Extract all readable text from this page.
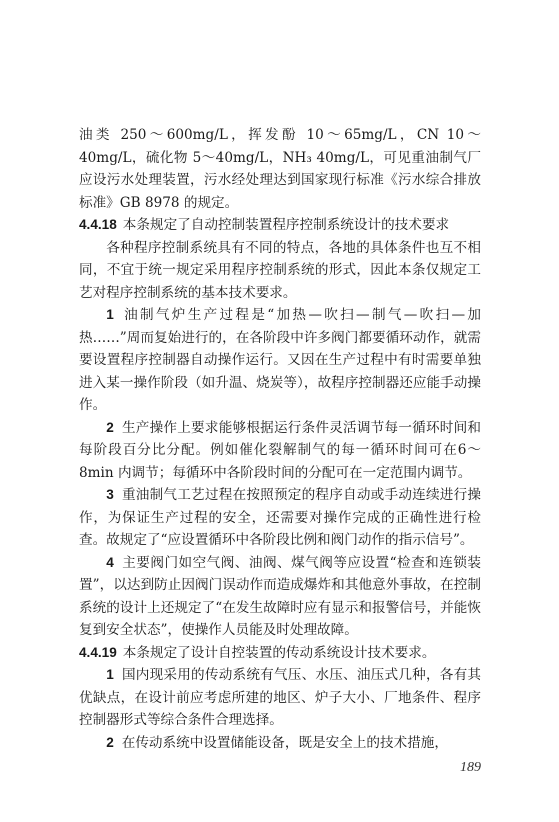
油类 250～600mg/L，挥发酚 10～65mg/L，CN 10～40mg/L，硫化物 5～40mg/L，NH₃ 40mg/L，可见重油制气厂应设污水处理装置，污水经处理达到国家现行标准《污水综合排放标准》GB 8978 的规定。

4.4.18 本条规定了自动控制装置程序控制系统设计的技术要求

各种程序控制系统具有不同的特点，各地的具体条件也互不相同，不宜于统一规定采用程序控制系统的形式，因此本条仅规定工艺对程序控制系统的基本技术要求。

1 油制气炉生产过程是“加热—吹扫—制气—吹扫—加热……”周而复始进行的，在各阶段中许多阀门都要循环动作，就需要设置程序控制器自动操作运行。又因在生产过程中有时需要单独进入某一操作阶段（如升温、烧炭等），故程序控制器还应能手动操作。

2 生产操作上要求能够根据运行条件灵活调节每一循环时间和每阶段百分比分配。例如催化裂解制气的每一循环时间可在6～8min 内调节；每循环中各阶段时间的分配可在一定范围内调节。

3 重油制气工艺过程在按照预定的程序自动或手动连续进行操作，为保证生产过程的安全，还需要对操作完成的正确性进行检查。故规定了“应设置循环中各阶段比例和阀门动作的指示信号”。

4 主要阀门如空气阀、油阀、煤气阀等应设置“检查和连锁装置”，以达到防止因阀门误动作而造成爆炸和其他意外事故，在控制系统的设计上还规定了“在发生故障时应有显示和报警信号，并能恢复到安全状态”，使操作人员能及时处理故障。

4.4.19 本条规定了设计自控装置的传动系统设计技术要求。

1 国内现采用的传动系统有气压、水压、油压式几种，各有其优缺点，在设计前应考虑所建的地区、炉子大小、厂地条件、程序控制器形式等综合条件合理选择。

2 在传动系统中设置储能设备，既是安全上的技术措施，

189
